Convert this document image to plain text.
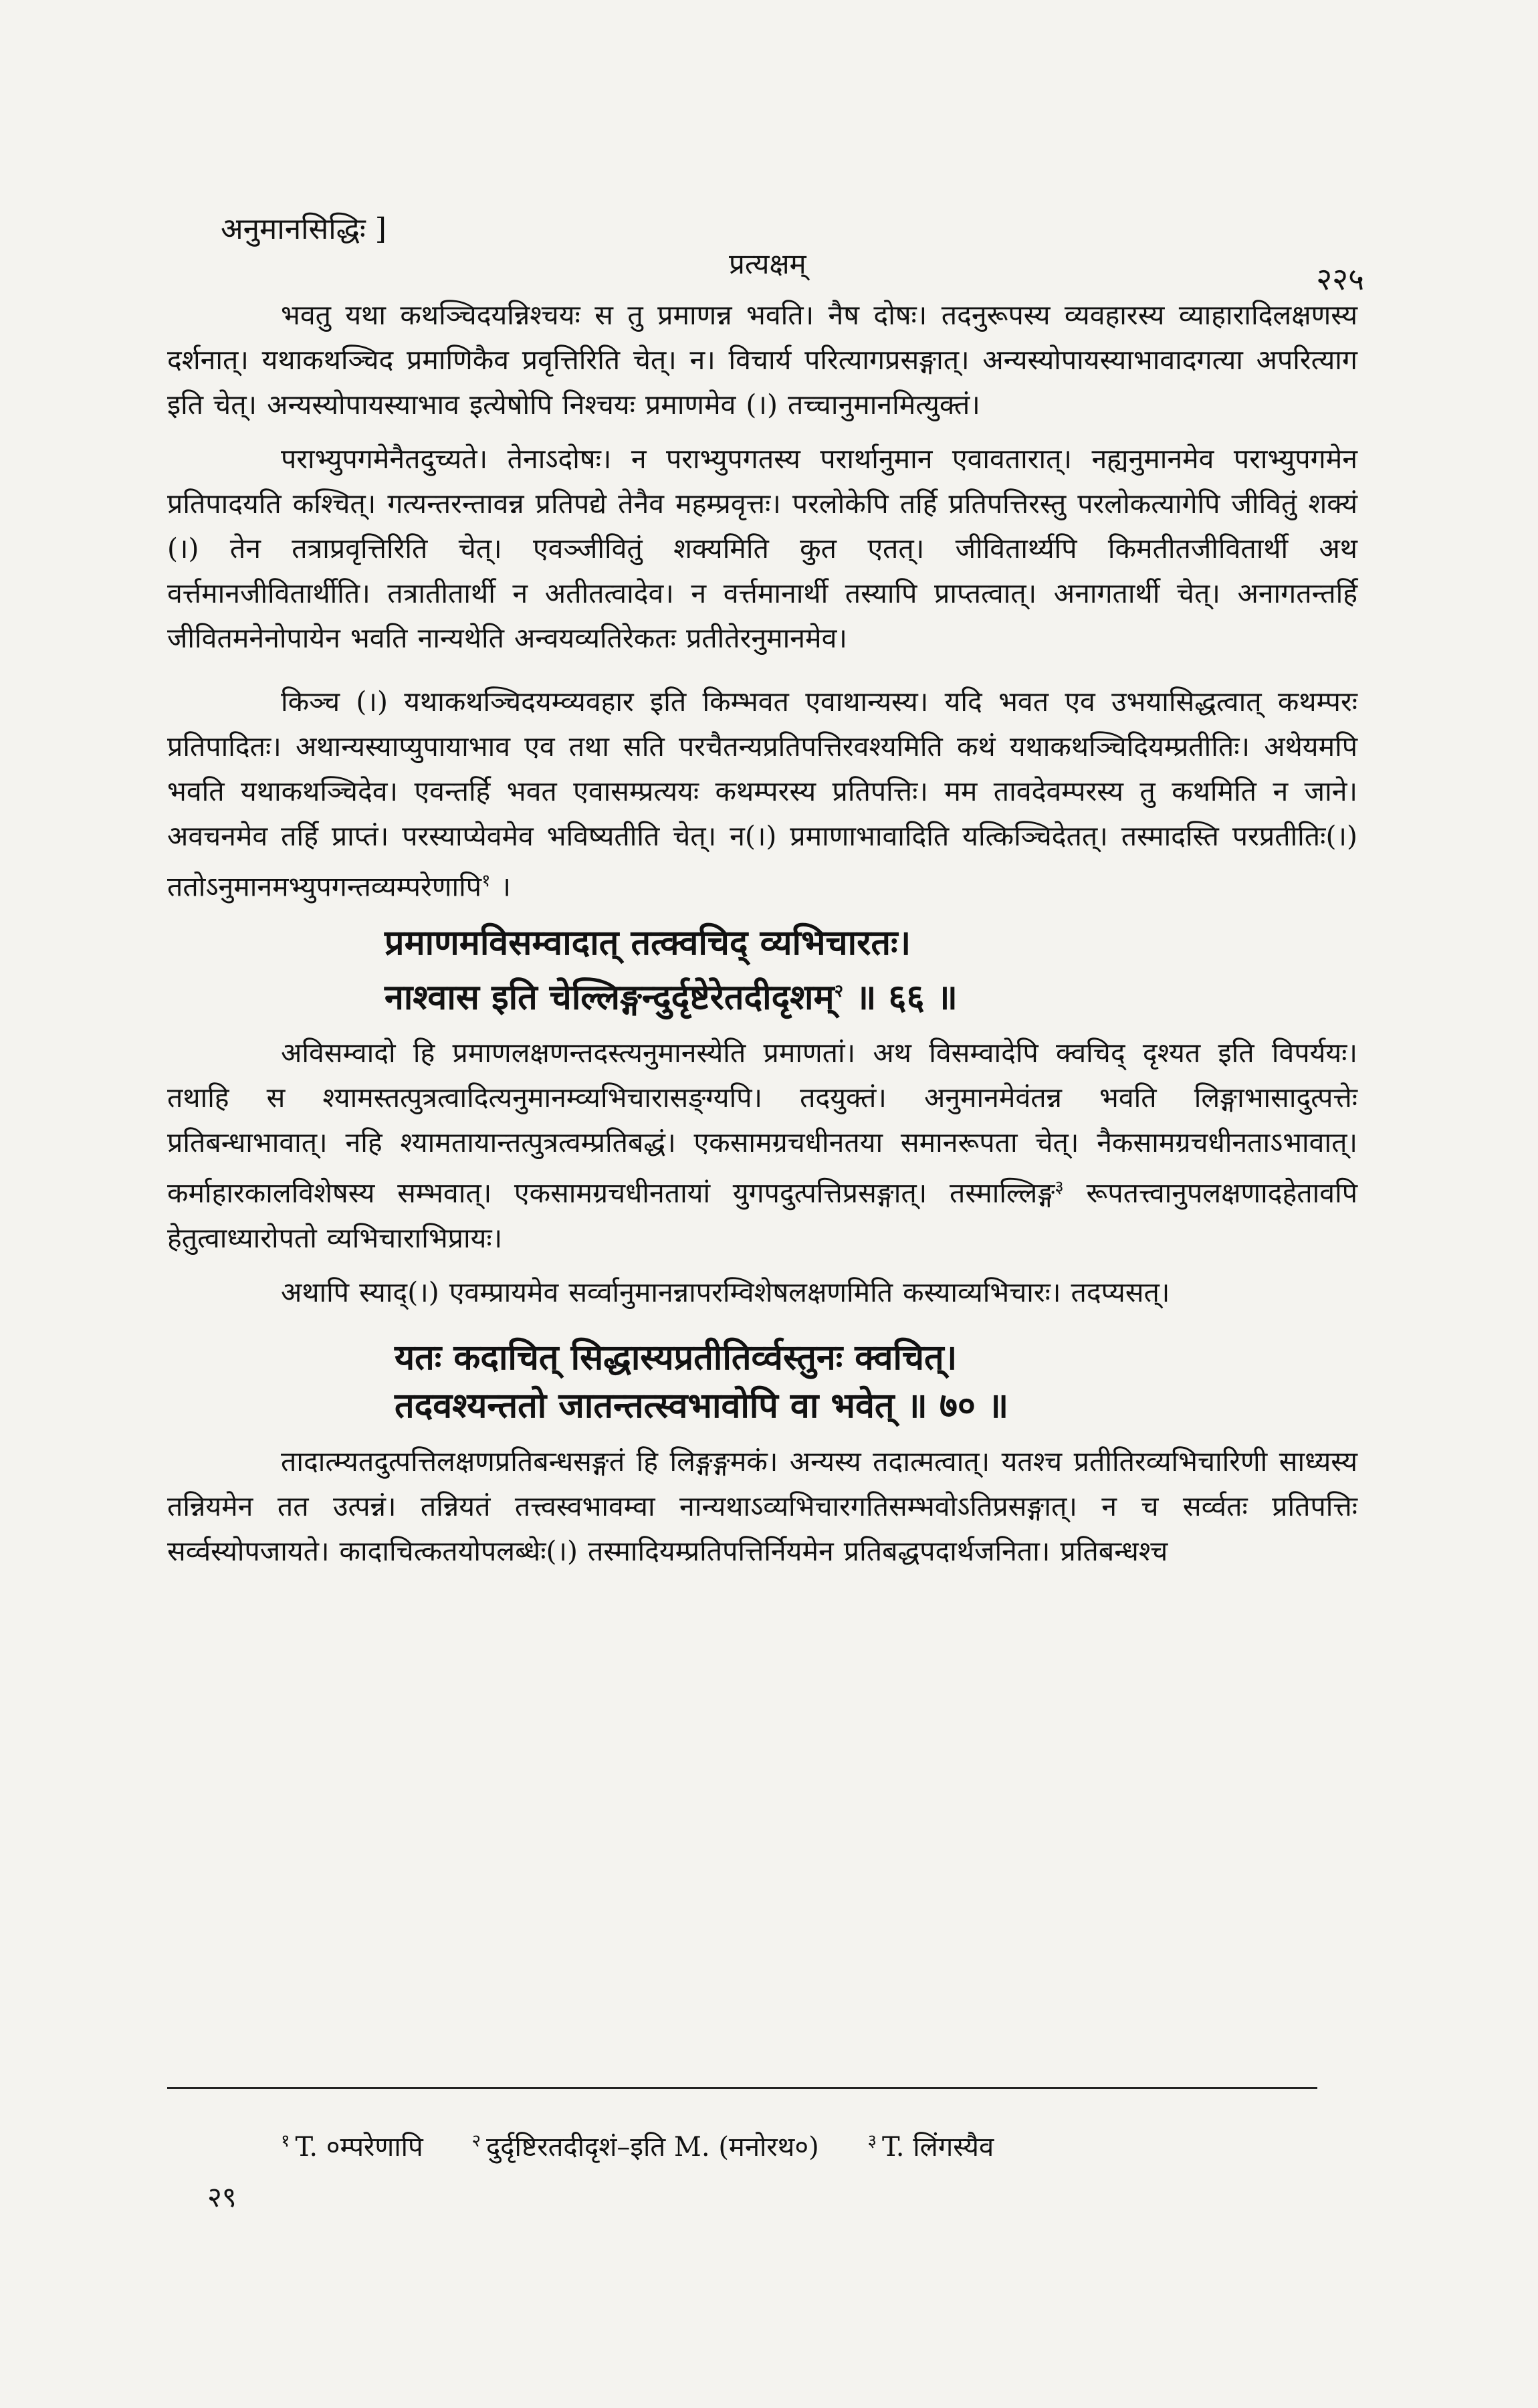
अनुमानसिद्धिः ]
प्रत्यक्षम्	२२५

भवतु यथा कथञ्चिदयन्निश्चयः स तु प्रमाणन्न भवति। नैष दोषः। तदनुरूपस्य व्यवहारस्य व्याहारादिलक्षणस्य दर्शनात्। यथाकथञ्चिद प्रमाणिकैव प्रवृत्तिरिति चेत्। न। विचार्य परित्यागप्रसङ्गात्। अन्यस्योपायस्याभावादगत्या अपरित्याग इति चेत्। अन्यस्योपायस्याभाव इत्येषोपि निश्चयः प्रमाणमेव (।) तच्चानुमानमित्युक्तं।

पराभ्युपगमेनैतदुच्यते। तेनाऽदोषः। न पराभ्युपगतस्य परार्थानुमान एवावतारात्। नह्यनुमानमेव पराभ्युपगमेन प्रतिपादयति कश्चित्। गत्यन्तरन्तावन्न प्रतिपद्ये तेनैव महम्प्रवृत्तः। परलोकेपि तर्हि प्रतिपत्तिरस्तु परलोकत्यागेपि जीवितुं शक्यं (।) तेन तत्राप्रवृत्तिरिति चेत्। एवञ्जीवितुं शक्यमिति कुत एतत्। जीवितार्थ्यपि किमतीतजीवितार्थी अथ वर्त्तमानजीवितार्थीति। तत्रातीतार्थी न अतीतत्वादेव। न वर्त्तमानार्थी तस्यापि प्राप्तत्वात्। अनागतार्थी चेत्। अनागतन्तर्हि जीवितमनेनोपायेन भवति नान्यथेति अन्वयव्यतिरेकतः प्रतीतेरनुमानमेव।

किञ्च (।) यथाकथञ्चिदयम्व्यवहार इति किम्भवत एवाथान्यस्य। यदि भवत एव उभयासिद्धत्वात् कथम्परः प्रतिपादितः। अथान्यस्याप्युपायाभाव एव तथा सति परचैतन्यप्रतिपत्तिरवश्यमिति कथं यथाकथञ्चिदियम्प्रतीतिः। अथेयमपि भवति यथाकथञ्चिदेव। एवन्तर्हि भवत एवासम्प्रत्ययः कथम्परस्य प्रतिपत्तिः। मम तावदेवम्परस्य तु कथमिति न जाने। अवचनमेव तर्हि प्राप्तं। परस्याप्येवमेव भविष्यतीति चेत्। न(।) प्रमाणाभावादिति यत्किञ्चिदेतत्। तस्मादस्ति परप्रतीतिः(।) ततोऽनुमानमभ्युपगन्तव्यम्परेणापि$^१$ ।

प्रमाणमविसम्वादात् तत्क्वचिद् व्यभिचारतः।

नाश्वास इति चेल्लिङ्गन्दुर्दृष्टेरेतदीदृशम्$^२$ ॥ ६६ ॥

अविसम्वादो हि प्रमाणलक्षणन्तदस्त्यनुमानस्येति प्रमाणतां। अथ विसम्वादेपि क्वचिद् दृश्यत इति विपर्ययः। तथाहि स श्यामस्तत्पुत्रत्वादित्यनुमानम्व्यभिचारासङ्ग्यपि। तदयुक्तं। अनुमानमेवंतन्न भवति लिङ्गाभासादुत्पत्तेः प्रतिबन्धाभावात्। नहि श्यामतायान्तत्पुत्रत्वम्प्रतिबद्धं। एकसामग्रचधीनतया समानरूपता चेत्। नैकसामग्रचधीनताऽभावात्। कर्माहारकालविशेषस्य सम्भवात्। एकसामग्रचधीनतायां युगपदुत्पत्तिप्रसङ्गात्। तस्माल्लिङ्ग$^३$ रूपतत्त्वानुपलक्षणादहेतावपि हेतुत्वाध्यारोपतो व्यभिचाराभिप्रायः।

अथापि स्याद्(।) एवम्प्रायमेव सर्व्वानुमानन्नापरम्विशेषलक्षणमिति कस्याव्यभिचारः। तदप्यसत्।

यतः कदाचित् सिद्धास्यप्रतीतिर्व्वस्तुनः क्वचित्।

तदवश्यन्ततो जातन्तत्स्वभावोपि वा भवेत् ॥ ७० ॥

तादात्म्यतदुत्पत्तिलक्षणप्रतिबन्धसङ्गतं हि लिङ्गङ्गमकं। अन्यस्य तदात्मत्वात्। यतश्च प्रतीतिरव्यभिचारिणी साध्यस्य तन्नियमेन तत उत्पन्नं। तन्नियतं तत्त्वस्वभावम्वा नान्यथाऽव्यभिचारगतिसम्भवोऽतिप्रसङ्गात्। न च सर्व्वतः प्रतिपत्तिः सर्व्वस्योपजायते। कादाचित्कतयोपलब्धेः(।) तस्मादियम्प्रतिपत्तिर्नियमेन प्रतिबद्धपदार्थजनिता। प्रतिबन्धश्च

$^१$ T. ०म्परेणापि	$^२$ दुर्दृष्टिरतदीदृशं–इति M. (मनोरथ०)	$^३$ T. लिंगस्यैव
२९
